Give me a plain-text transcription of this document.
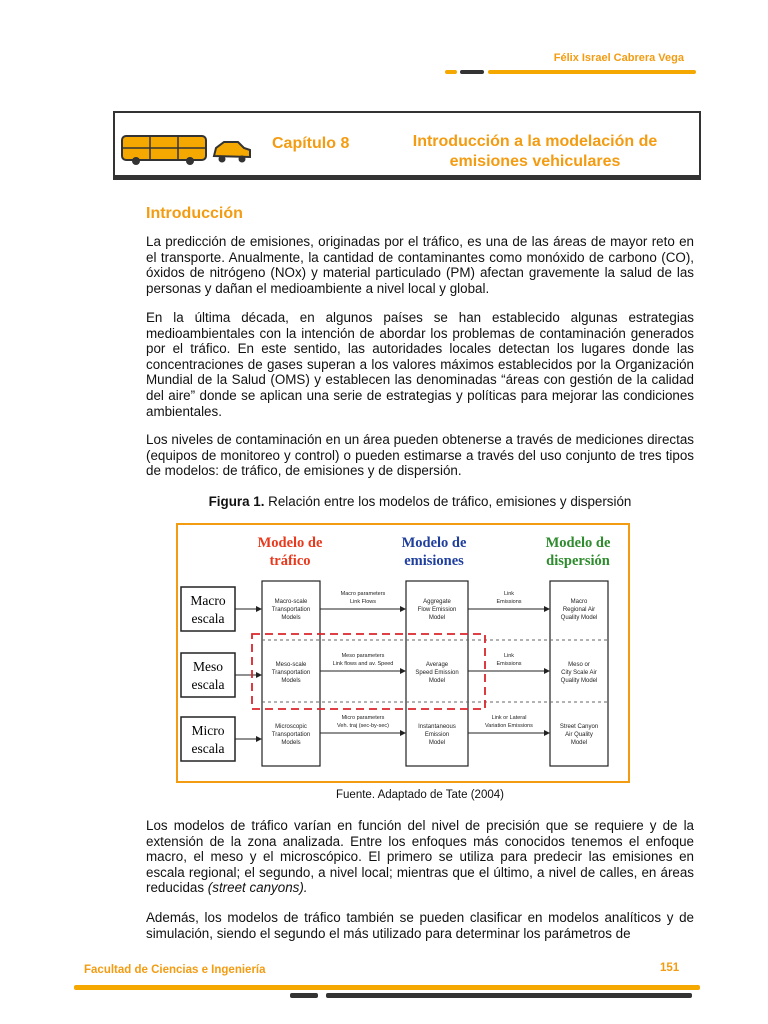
Félix Israel Cabrera Vega
Capítulo 8	Introducción a la modelación de
emisiones vehiculares
Introducción

La predicción de emisiones, originadas por el tráfico, es una de las áreas de mayor reto en el transporte. Anualmente, la cantidad de contaminantes como monóxido de carbono (CO), óxidos de nitrógeno (NOx) y material particulado (PM) afectan gravemente la salud de las personas y dañan el medioambiente a nivel local y global.

En la última década, en algunos países se han establecido algunas estrategias medioambientales con la intención de abordar los problemas de contaminación generados por el tráfico. En este sentido, las autoridades locales detectan los lugares donde las concentraciones de gases superan a los valores máximos establecidos por la Organización Mundial de la Salud (OMS) y establecen las denominadas “áreas con gestión de la calidad del aire” donde se aplican una serie de estrategias y políticas para mejorar las condiciones ambientales.

Los niveles de contaminación en un área pueden obtenerse a través de mediciones directas (equipos de monitoreo y control) o pueden estimarse a través del uso conjunto de tres tipos de modelos: de tráfico, de emisiones y de dispersión.

Figura 1. Relación entre los modelos de tráfico, emisiones y dispersión
Modelo de
tráfico
Modelo de
emisiones
Modelo de
dispersión
Macro
escala
Meso
escala
Micro
escala
Macro-scale
Transportation
Models
Meso-scale
Transportation
Models
Microscopic
Transportation
Models
Aggregate
Flow Emission
Model
Average
Speed Emission
Model
Instantaneous
Emission
Model
Macro
Regional Air
Quality Model
Meso or
City Scale Air
Quality Model
Street Canyon
Air Quality
Model
Macro parameters
Link Flows
Meso parameters
Link flows and av. Speed
Micro parameters
Veh. traj (sec-by-sec)
Link
Emissions
Link
Emissions
Link or Lateral
Variation Emissions
Fuente. Adaptado de Tate (2004)

Los modelos de tráfico varían en función del nivel de precisión que se requiere y de la extensión de la zona analizada. Entre los enfoques más conocidos tenemos el enfoque macro, el meso y el microscópico. El primero se utiliza para predecir las emisiones en escala regional; el segundo, a nivel local; mientras que el último, a nivel de calles, en áreas reducidas (street canyons).

Además, los modelos de tráfico también se pueden clasificar en modelos analíticos y de simulación, siendo el segundo el más utilizado para determinar los parámetros de

Facultad de Ciencias e Ingeniería	151
